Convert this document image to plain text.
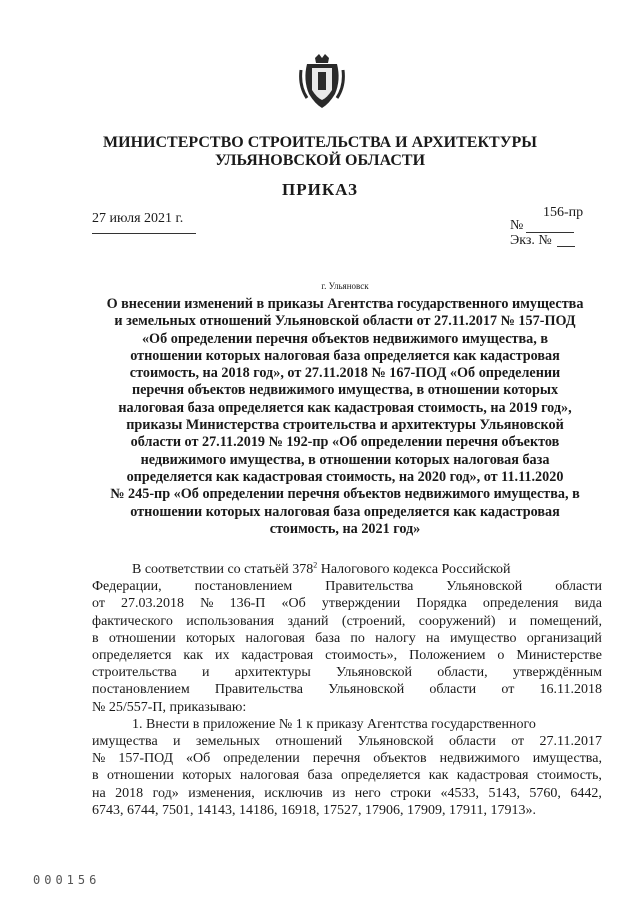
МИНИСТЕРСТВО СТРОИТЕЛЬСТВА И АРХИТЕКТУРЫ
УЛЬЯНОВСКОЙ ОБЛАСТИ
ПРИКАЗ
27 июля 2021 г.	№
156-пр
Экз. №
г. Ульяновск
О внесении изменений в приказы Агентства государственного имущества
и земельных отношений Ульяновской области от 27.11.2017 № 157-ПОД
«Об определении перечня объектов недвижимого имущества, в
отношении которых налоговая база определяется как кадастровая
стоимость, на 2018 год», от 27.11.2018 № 167-ПОД «Об определении
перечня объектов недвижимого имущества, в отношении которых
налоговая база определяется как кадастровая стоимость, на 2019 год»,
приказы Министерства строительства и архитектуры Ульяновской
области от 27.11.2019 № 192-пр «Об определении перечня объектов
недвижимого имущества, в отношении которых налоговая база
определяется как кадастровая стоимость, на 2020 год», от 11.11.2020
№ 245-пр «Об определении перечня объектов недвижимого имущества, в
отношении которых налоговая база определяется как кадастровая
стоимость, на 2021 год»
В соответствии со статьёй $378^2$ Налогового кодекса Российской
Федерации, постановлением Правительства Ульяновской области
от 27.03.2018 № 136-П «Об утверждении Порядка определения вида
фактического использования зданий (строений, сооружений) и помещений,
в отношении которых налоговая база по налогу на имущество организаций
определяется как их кадастровая стоимость», Положением о Министерстве
строительства и архитектуры Ульяновской области, утверждённым
постановлением Правительства Ульяновской области от 16.11.2018
№ 25/557-П, приказываю:
1. Внести в приложение № 1 к приказу Агентства государственного
имущества и земельных отношений Ульяновской области от 27.11.2017
№ 157-ПОД «Об определении перечня объектов недвижимого имущества,
в отношении которых налоговая база определяется как кадастровая стоимость,
на 2018 год» изменения, исключив из него строки «4533, 5143, 5760, 6442,
6743, 6744, 7501, 14143, 14186, 16918, 17527, 17906, 17909, 17911, 17913».
000156
